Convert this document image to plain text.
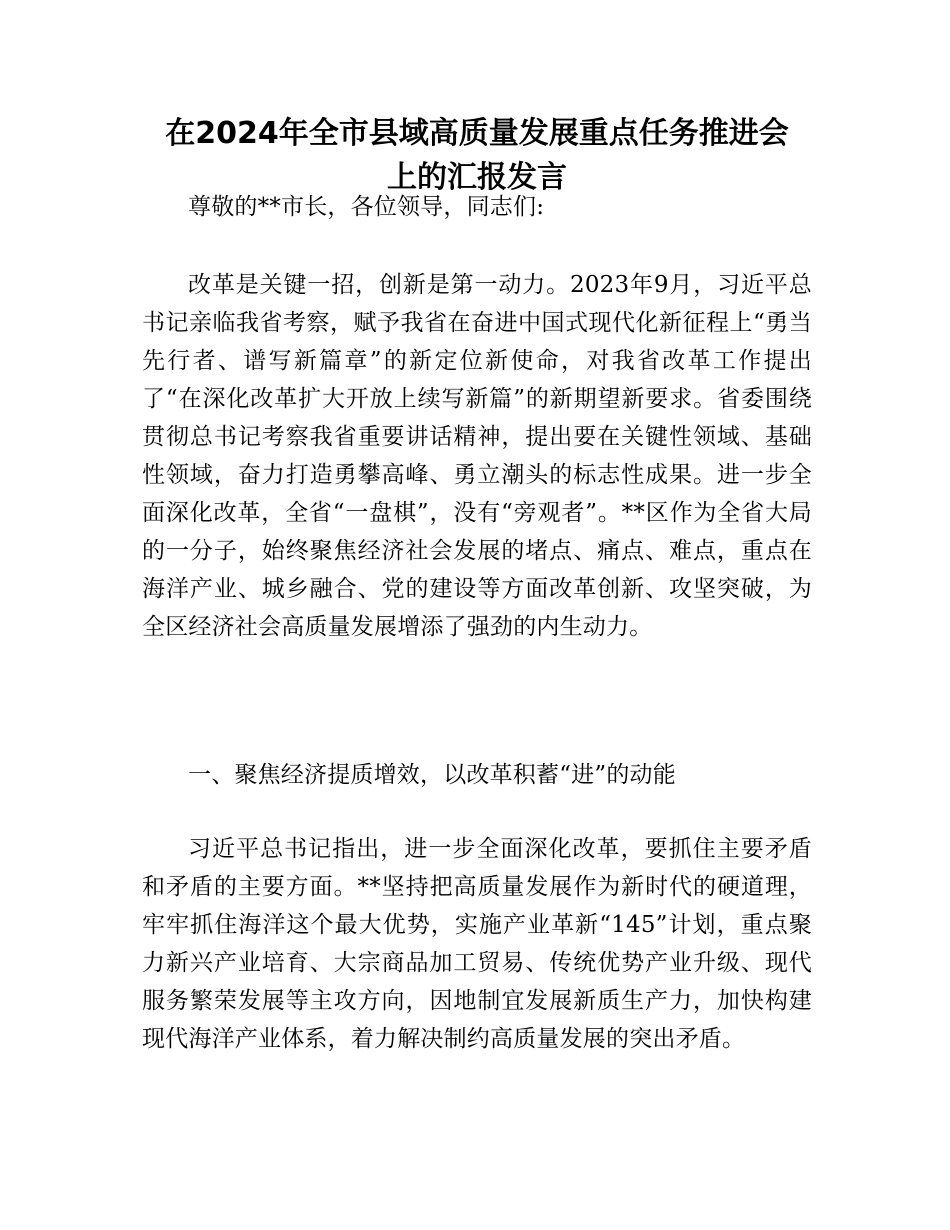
在2024年全市县域高质量发展重点任务推进会
上的汇报发言

尊敬的**市长，各位领导，同志们:

改革是关键一招，创新是第一动力。2023年9月，习近平总书记亲临我省考察，赋予我省在奋进中国式现代化新征程上“勇当先行者、谱写新篇章”的新定位新使命，对我省改革工作提出了“在深化改革扩大开放上续写新篇”的新期望新要求。省委围绕贯彻总书记考察我省重要讲话精神，提出要在关键性领域、基础性领域，奋力打造勇攀高峰、勇立潮头的标志性成果。进一步全面深化改革，全省“一盘棋”，没有“旁观者”。**区作为全省大局的一分子，始终聚焦经济社会发展的堵点、痛点、难点，重点在海洋产业、城乡融合、党的建设等方面改革创新、攻坚突破，为全区经济社会高质量发展增添了强劲的内生动力。

一、聚焦经济提质增效，以改革积蓄“进”的动能

习近平总书记指出，进一步全面深化改革，要抓住主要矛盾和矛盾的主要方面。**坚持把高质量发展作为新时代的硬道理，牢牢抓住海洋这个最大优势，实施产业革新“145”计划，重点聚力新兴产业培育、大宗商品加工贸易、传统优势产业升级、现代服务繁荣发展等主攻方向，因地制宜发展新质生产力，加快构建现代海洋产业体系，着力解决制约高质量发展的突出矛盾。
